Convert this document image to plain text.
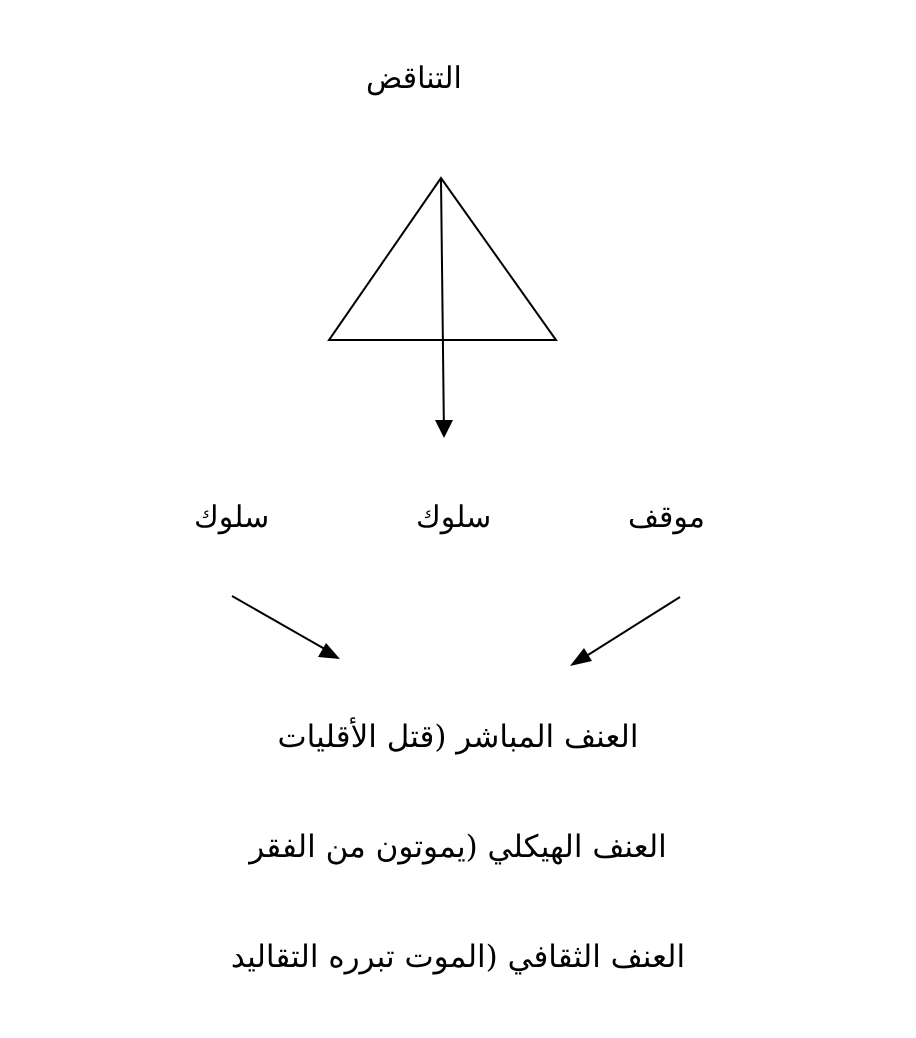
التناقض
موقف
سلوك
سلوك
العنف المباشر (قتل الأقليات
العنف الهيكلي (يموتون من الفقر
العنف الثقافي (الموت تبرره التقاليد
